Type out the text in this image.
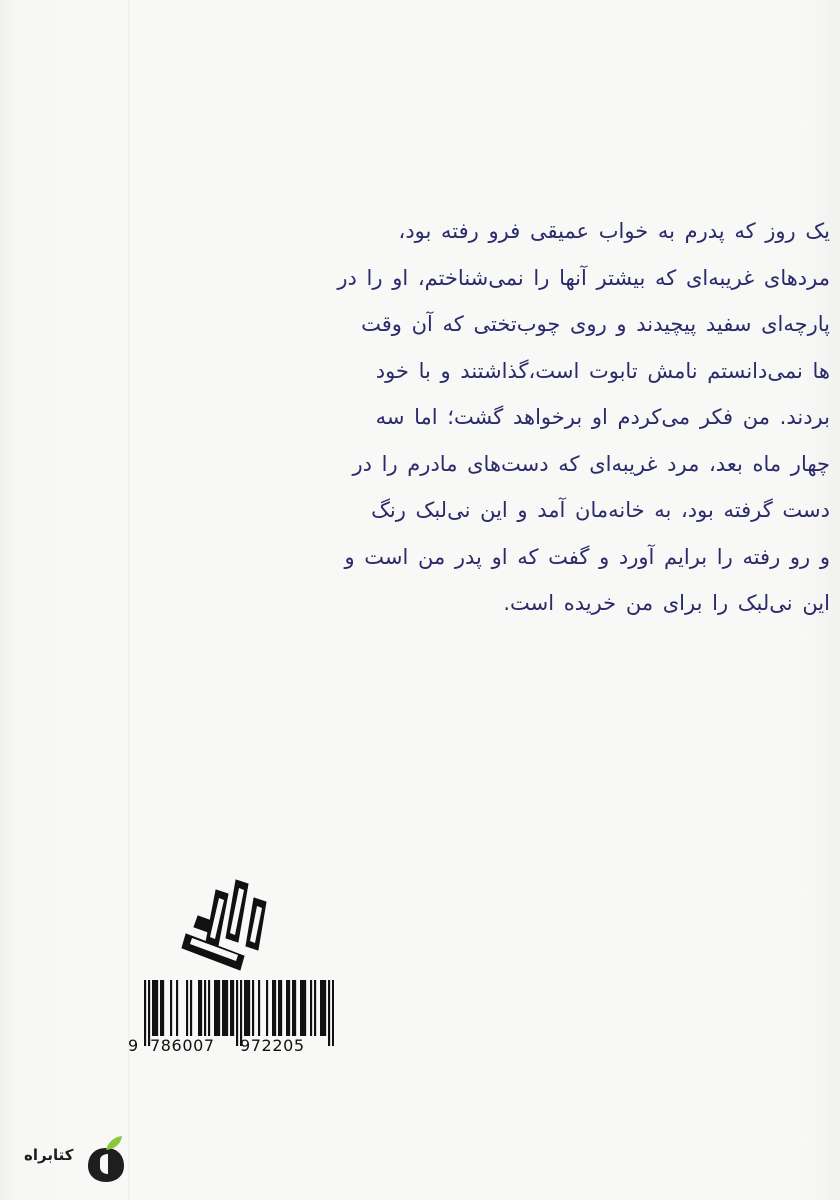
یک روز که پدرم به خواب عمیقی فرو رفته بود،
مردهای غریبه‌ای که بیشتر آنها را نمی‌شناختم، او را در
پارچه‌ای سفید پیچیدند و روی چوب‌تختی که آن وقت
ها نمی‌دانستم نامش تابوت است،گذاشتند و با خود
بردند. من فکر می‌کردم او برخواهد گشت؛ اما سه
چهار ماه بعد، مرد غریبه‌ای که دست‌های مادرم را در
دست گرفته بود، به خانه‌مان آمد و این نی‌لبک رنگ
و رو رفته را برایم آورد و گفت که او پدر من است و
این نی‌لبک را برای من خریده است.
9 786007 972205
کتابراه
